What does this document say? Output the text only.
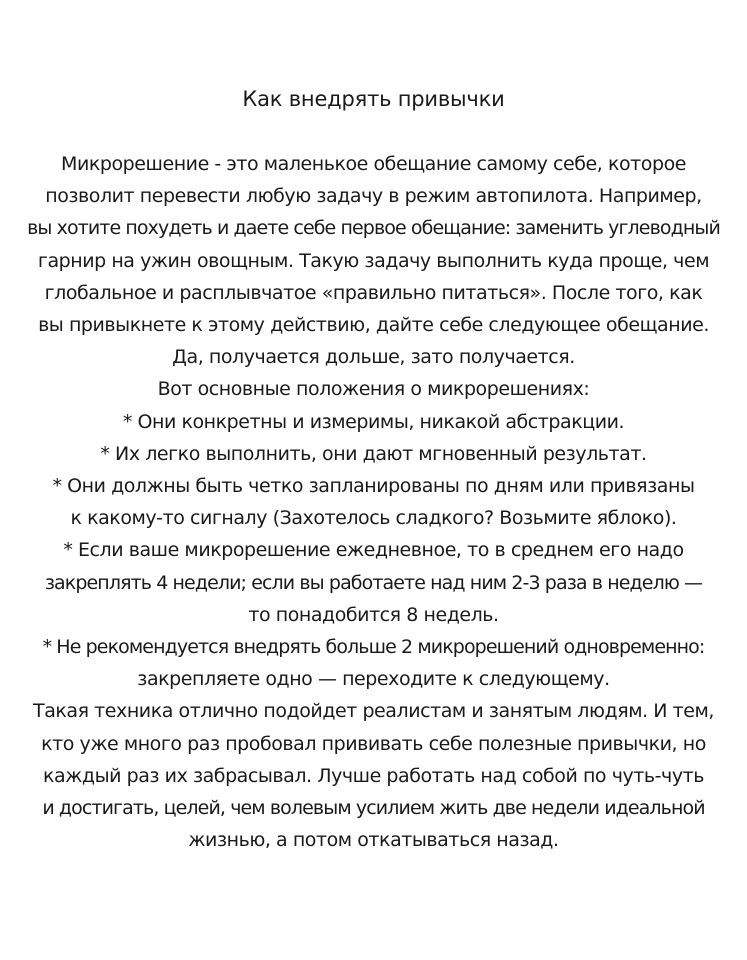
Как внедрять привычки
Микрорешение - это маленькое обещание самому себе, которое
позволит перевести любую задачу в режим автопилота. Например,
вы хотите похудеть и даете себе первое обещание: заменить углеводный
гарнир на ужин овощным. Такую задачу выполнить куда проще, чем
глобальное и расплывчатое «правильно питаться». После того, как
вы привыкнете к этому действию, дайте себе следующее обещание.
Да, получается дольше, зато получается.
Вот основные положения о микрорешениях:
* Они конкретны и измеримы, никакой абстракции.
* Их легко выполнить, они дают мгновенный результат.
* Они должны быть четко запланированы по дням или привязаны
к какому-то сигналу (Захотелось сладкого? Возьмите яблоко).
* Если ваше микрорешение ежедневное, то в среднем его надо
закреплять 4 недели; если вы работаете над ним 2-3 раза в неделю —
то понадобится 8 недель.
* Не рекомендуется внедрять больше 2 микрорешений одновременно:
закрепляете одно — переходите к следующему.
Такая техника отлично подойдет реалистам и занятым людям. И тем,
кто уже много раз пробовал прививать себе полезные привычки, но
каждый раз их забрасывал. Лучше работать над собой по чуть-чуть
и достигать, целей, чем волевым усилием жить две недели идеальной
жизнью, а потом откатываться назад.
